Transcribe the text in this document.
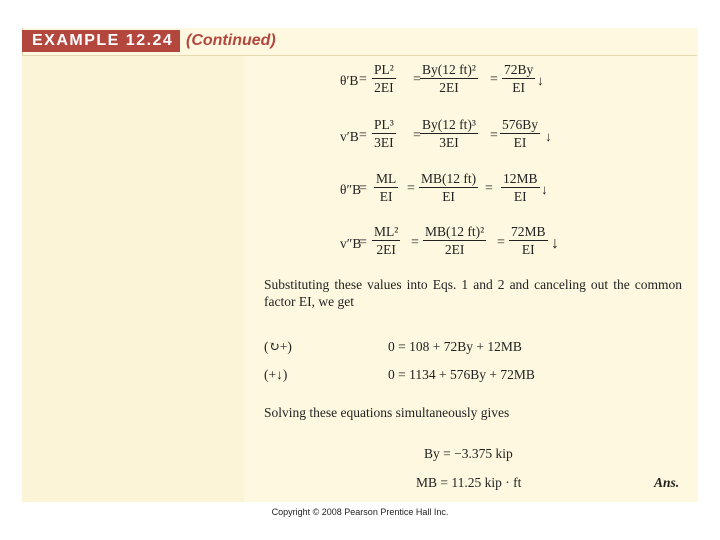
EXAMPLE 12.24 (Continued)
$\theta'B = \frac{\text{PL²}}{2EI} = \frac{\text{By(12 ft)²}}{2EI} = \frac{72By}{EI}$ ↓
$v'B = \frac{\text{PL³}}{3EI} = \frac{\text{By(12 ft)³}}{3EI} = \frac{576By}{EI}$ ↓
θ″B
= $\frac{ML}{EI} = \frac{MB(12 ft)}{EI} = \frac{12MB}{EI}$ ↓
v″B
= $\frac{\text{ML²}}{2EI} = \frac{\text{MB(12 ft)²}}{2EI} = \frac{72MB}{EI}$ ↓
Substituting these values into Eqs. 1 and 2 and canceling out the common factor EI, we get
(↻+)	0 = 108 + 72By + 12MB
(+↓)	0 = 1134 + 576By + 72MB
Solving these equations simultaneously gives
By = −3.375 kip
MB = 11.25 kip · ft	Ans.
Copyright © 2008 Pearson Prentice Hall Inc.
